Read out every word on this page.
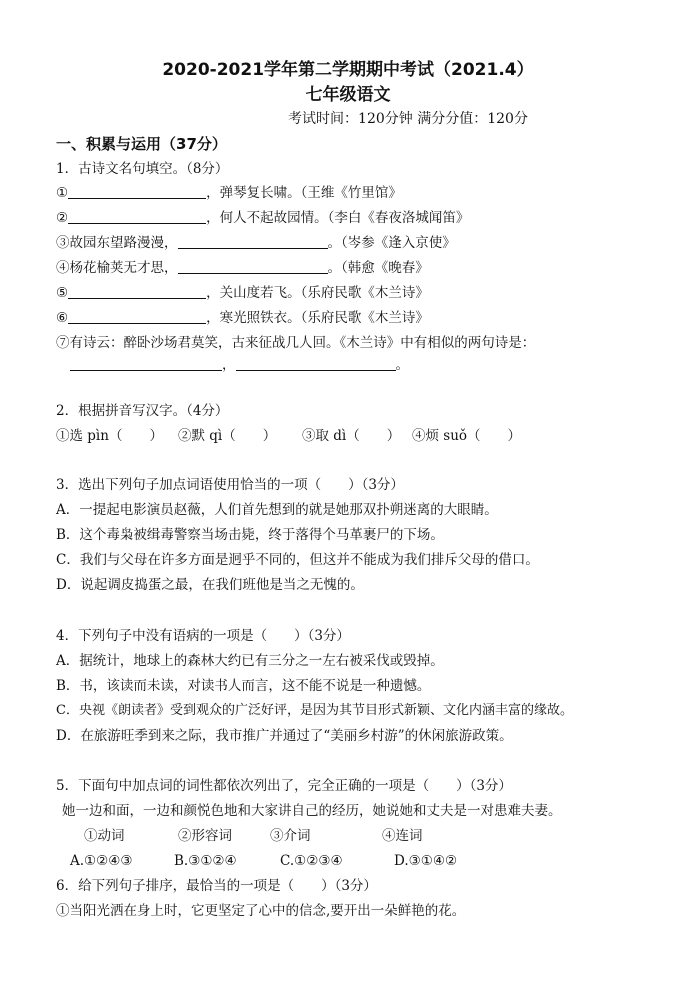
2020-2021学年第二学期期中考试（2021.4）
七年级语文
考试时间：120分钟 满分分值：120分
一、积累与运用（37分）
1．古诗文名句填空。（8分）
①	，弹琴复长啸。（王维《竹里馆》
②	，何人不起故园情。（李白《春夜洛城闻笛》
③故园东望路漫漫，	。（岑参《逢入京使》
④杨花榆荚无才思，	。（韩愈《晚春》
⑤	，关山度若飞。（乐府民歌《木兰诗》
⑥	，寒光照铁衣。（乐府民歌《木兰诗》
⑦有诗云：醉卧沙场君莫笑，古来征战几人回。《木兰诗》中有相似的两句诗是：
，	。
2．根据拼音写汉字。（4分）
①选 pìn（　　） ②默 qì（　　） ③取 dì（　　） ④烦 suǒ（　　）
3．选出下列句子加点词语使用恰当的一项（　　）（3分）
A．一提起电影演员赵薇，人们首先想到的就是她那双扑朔迷离的大眼睛。
B．这个毒枭被缉毒警察当场击毙，终于落得个马革裹尸的下场。
C．我们与父母在许多方面是迥乎不同的，但这并不能成为我们排斥父母的借口。
D．说起调皮捣蛋之最，在我们班他是当之无愧的。
4．下列句子中没有语病的一项是（　　）（3分）
A．据统计，地球上的森林大约已有三分之一左右被采伐或毁掉。
B．书，该读而未读，对读书人而言，这不能不说是一种遗憾。
C．央视《朗读者》受到观众的广泛好评，是因为其节目形式新颖、文化内涵丰富的缘故。
D．在旅游旺季到来之际，我市推广并通过了“美丽乡村游”的休闲旅游政策。
5．下面句中加点词的词性都依次列出了，完全正确的一项是（　　）（3分）
她一边和面，一边和颜悦色地和大家讲自己的经历，她说她和丈夫是一对患难夫妻。
①动词	②形容词	③介词	④连词
A.①②④③	B.③①②④	C.①②③④	D.③①④②
6．给下列句子排序，最恰当的一项是（　　）（3分）
①当阳光洒在身上时，它更坚定了心中的信念,要开出一朵鲜艳的花。
